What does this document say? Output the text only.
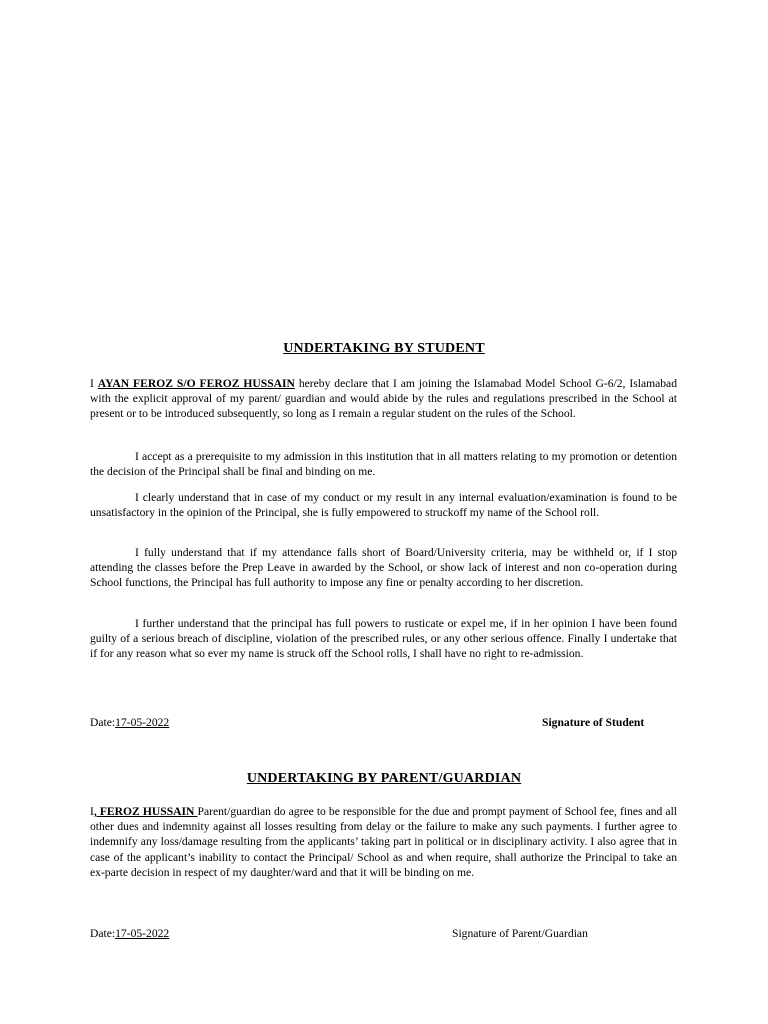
UNDERTAKING BY STUDENT
I AYAN FEROZ S/O FEROZ HUSSAIN hereby declare that I am joining the Islamabad Model School G-6/2, Islamabad with the explicit approval of my parent/ guardian and would abide by the rules and regulations prescribed in the School at present or to be introduced subsequently, so long as I remain a regular student on the rules of the School.
I accept as a prerequisite to my admission in this institution that in all matters relating to my promotion or detention the decision of the Principal shall be final and binding on me.
I clearly understand that in case of my conduct or my result in any internal evaluation/examination is found to be unsatisfactory in the opinion of the Principal, she is fully empowered to struckoff my name of the School roll.
I fully understand that if my attendance falls short of Board/University criteria, may be withheld or, if I stop attending the classes before the Prep Leave in awarded by the School, or show lack of interest and non co-operation during School functions, the Principal has full authority to impose any fine or penalty according to her discretion.
I further understand that the principal has full powers to rusticate or expel me, if in her opinion I have been found guilty of a serious breach of discipline, violation of the prescribed rules, or any other serious offence. Finally I undertake that if for any reason what so ever my name is struck off the School rolls, I shall have no right to re-admission.
Date:17-05-2022	Signature of Student
UNDERTAKING BY PARENT/GUARDIAN
I, FEROZ HUSSAIN Parent/guardian do agree to be responsible for the due and prompt payment of School fee, fines and all other dues and indemnity against all losses resulting from delay or the failure to make any such payments. I further agree to indemnify any loss/damage resulting from the applicants’ taking part in political or in disciplinary activity. I also agree that in case of the applicant’s inability to contact the Principal/ School as and when require, shall authorize the Principal to take an ex-parte decision in respect of my daughter/ward and that it will be binding on me.
Date:17-05-2022	Signature of Parent/Guardian
